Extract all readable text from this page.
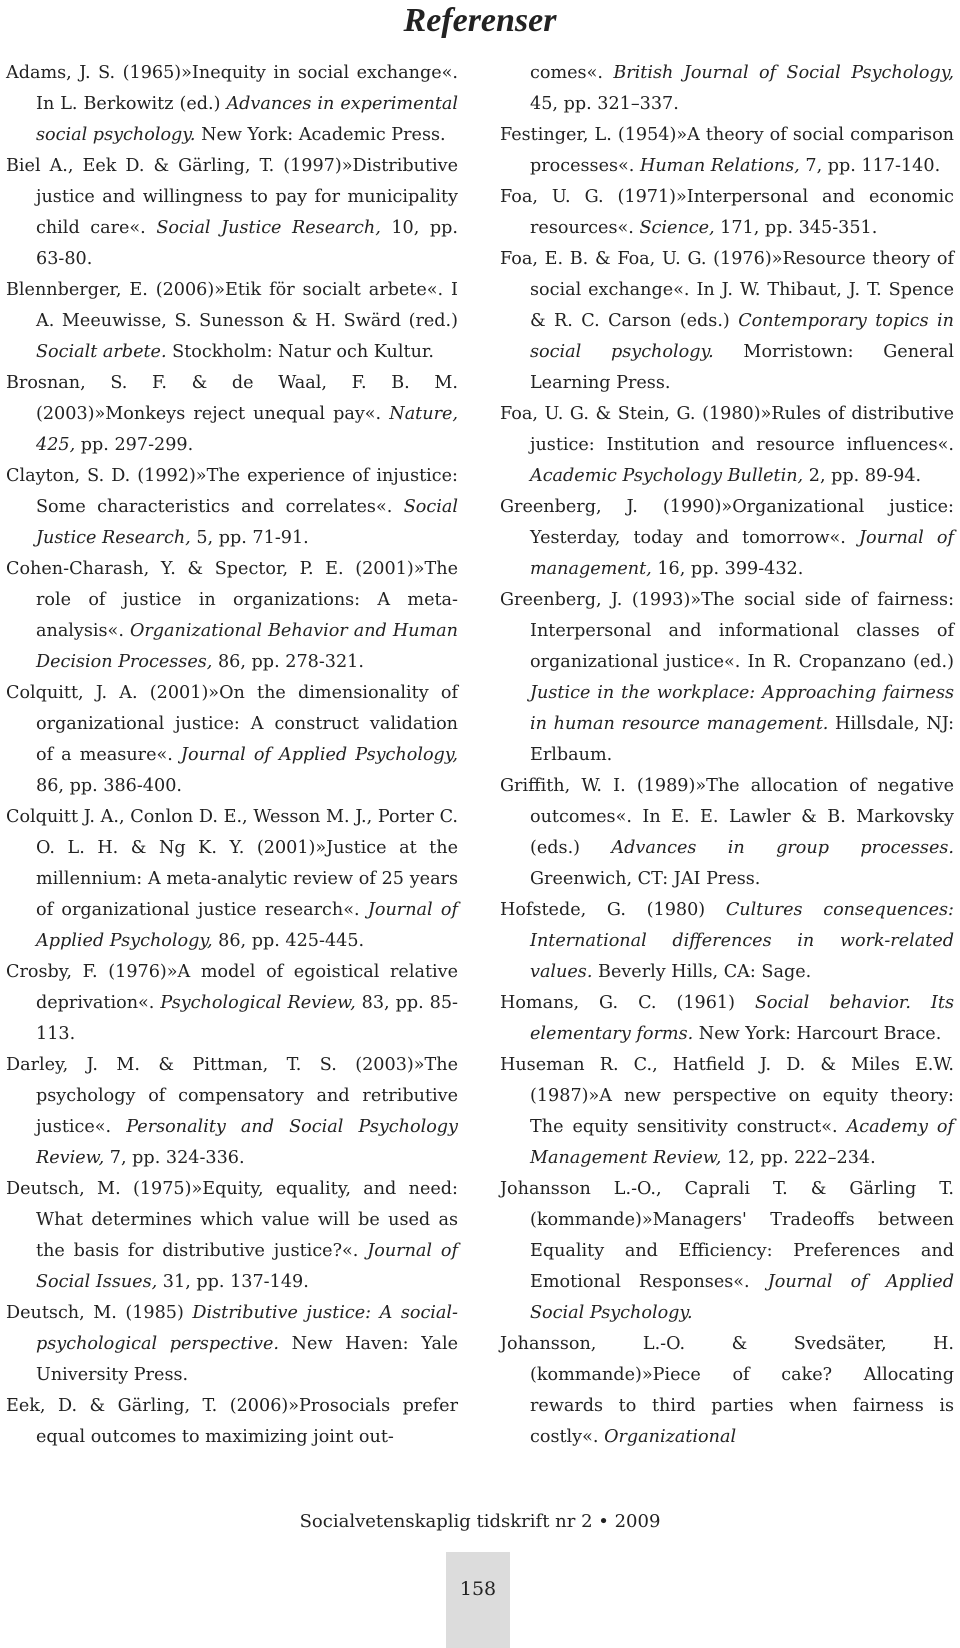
Referenser

Adams, J. S. (1965)»Inequity in social exchange«. In L. Berkowitz (ed.) Advances in experimental social psychology. New York: Academic Press.

Biel A., Eek D. & Gärling, T. (1997)»Distributive justice and willingness to pay for municipality child care«. Social Justice Research, 10, pp. 63-80.

Blennberger, E. (2006)»Etik för socialt arbete«. I A. Meeuwisse, S. Sunesson & H. Swärd (red.) Socialt arbete. Stockholm: Natur och Kultur.

Brosnan, S. F. & de Waal, F. B. M. (2003)»Monkeys reject unequal pay«. Nature, 425, pp. 297-299.

Clayton, S. D. (1992)»The experience of injustice: Some characteristics and correlates«. Social Justice Research, 5, pp. 71-91.

Cohen-Charash, Y. & Spector, P. E. (2001)»The role of justice in organizations: A meta-analysis«. Organizational Behavior and Human Decision Processes, 86, pp. 278-321.

Colquitt, J. A. (2001)»On the dimensionality of organizational justice: A construct validation of a measure«. Journal of Applied Psychology, 86, pp. 386-400.

Colquitt J. A., Conlon D. E., Wesson M. J., Porter C. O. L. H. & Ng K. Y. (2001)»Justice at the millennium: A meta-analytic review of 25 years of organizational justice research«. Journal of Applied Psychology, 86, pp. 425-445.

Crosby, F. (1976)»A model of egoistical relative deprivation«. Psychological Review, 83, pp. 85-113.

Darley, J. M. & Pittman, T. S. (2003)»The psychology of compensatory and retributive justice«. Personality and Social Psychology Review, 7, pp. 324-336.

Deutsch, M. (1975)»Equity, equality, and need: What determines which value will be used as the basis for distributive justice?«. Journal of Social Issues, 31, pp. 137-149.

Deutsch, M. (1985) Distributive justice: A social-psychological perspective. New Haven: Yale University Press.

Eek, D. & Gärling, T. (2006)»Prosocials prefer equal outcomes to maximizing joint out-

comes«. British Journal of Social Psychology, 45, pp. 321–337.

Festinger, L. (1954)»A theory of social comparison processes«. Human Relations, 7, pp. 117-140.

Foa, U. G. (1971)»Interpersonal and economic resources«. Science, 171, pp. 345-351.

Foa, E. B. & Foa, U. G. (1976)»Resource theory of social exchange«. In J. W. Thibaut, J. T. Spence & R. C. Carson (eds.) Contemporary topics in social psychology. Morristown: General Learning Press.

Foa, U. G. & Stein, G. (1980)»Rules of distributive justice: Institution and resource influences«. Academic Psychology Bulletin, 2, pp. 89-94.

Greenberg, J. (1990)»Organizational justice: Yesterday, today and tomorrow«. Journal of management, 16, pp. 399-432.

Greenberg, J. (1993)»The social side of fairness: Interpersonal and informational classes of organizational justice«. In R. Cropanzano (ed.) Justice in the workplace: Approaching fairness in human resource management. Hillsdale, NJ: Erlbaum.

Griffith, W. I. (1989)»The allocation of negative outcomes«. In E. E. Lawler & B. Markovsky (eds.) Advances in group processes. Greenwich, CT: JAI Press.

Hofstede, G. (1980) Cultures consequences: International differences in work-related values. Beverly Hills, CA: Sage.

Homans, G. C. (1961) Social behavior. Its elementary forms. New York: Harcourt Brace.

Huseman R. C., Hatfield J. D. & Miles E.W. (1987)»A new perspective on equity theory: The equity sensitivity construct«. Academy of Management Review, 12, pp. 222–234.

Johansson L.-O., Caprali T. & Gärling T. (kommande)»Managers' Tradeoffs between Equality and Efficiency: Preferences and Emotional Responses«. Journal of Applied Social Psychology.

Johansson, L.-O. & Svedsäter, H. (kommande)»Piece of cake? Allocating rewards to third parties when fairness is costly«. Organizational

Socialvetenskaplig tidskrift nr 2 • 2009
158
